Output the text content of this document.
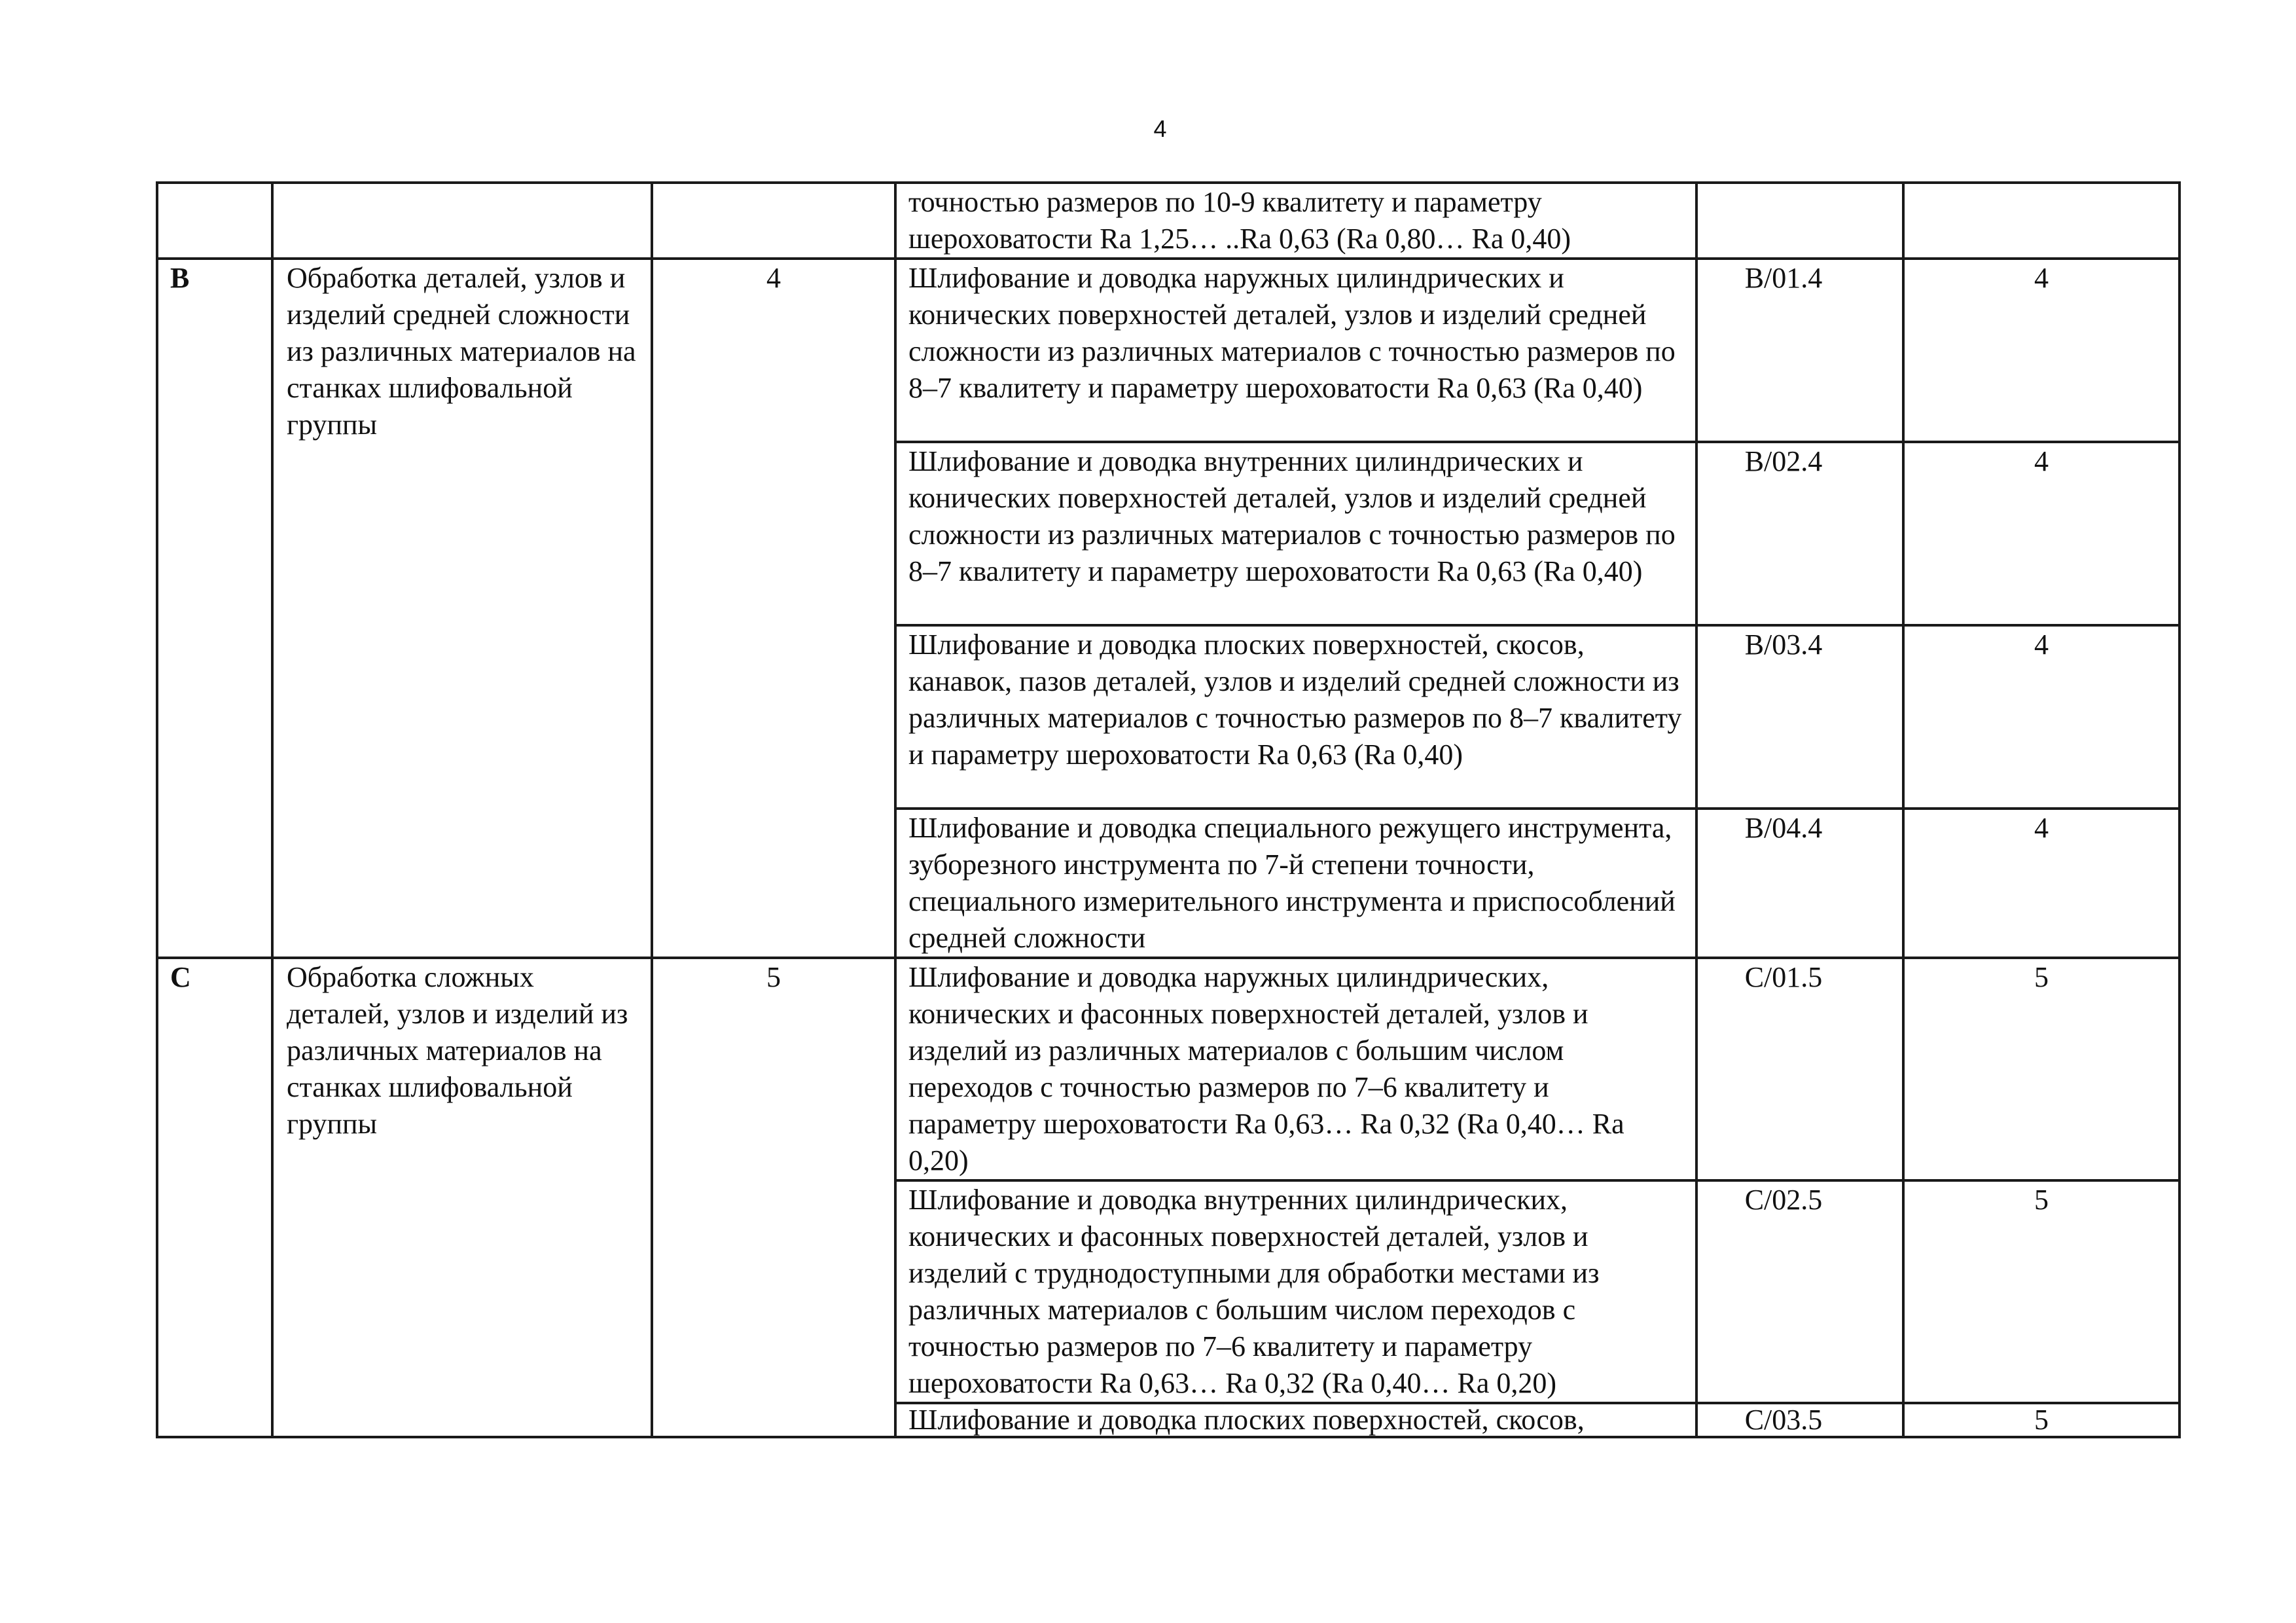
4
			точностью размеров по 10-9 квалитету и параметру шероховатости Ra 1,25… ..Ra 0,63 (Ra 0,80… Ra 0,40)		
B	Обработка деталей, узлов и изделий средней сложности из различных материалов на станках шлифовальной группы	4	Шлифование и доводка наружных цилиндрических и конических поверхностей деталей, узлов и изделий средней сложности из различных материалов с точностью размеров по 8–7 квалитету и параметру шероховатости Ra 0,63 (Ra 0,40)	B/01.4	4
			Шлифование и доводка внутренних цилиндрических и конических поверхностей деталей, узлов и изделий средней сложности из различных материалов с точностью размеров по 8–7 квалитету и параметру шероховатости Ra 0,63 (Ra 0,40)	B/02.4	4
			Шлифование и доводка плоских поверхностей, скосов, канавок, пазов деталей, узлов и изделий средней сложности из различных материалов с точностью размеров по 8–7 квалитету и параметру шероховатости Ra 0,63 (Ra 0,40)	B/03.4	4
			Шлифование и доводка специального режущего инструмента, зуборезного инструмента по 7-й степени точности, специального измерительного инструмента и приспособлений средней сложности	B/04.4	4
C	Обработка сложных деталей, узлов и изделий из различных материалов на станках шлифовальной группы	5	Шлифование и доводка наружных цилиндрических, конических и фасонных поверхностей деталей, узлов и изделий из различных материалов с большим числом переходов с точностью размеров по 7–6 квалитету и параметру шероховатости Ra 0,63… Ra 0,32 (Ra 0,40… Ra 0,20)	C/01.5	5
			Шлифование и доводка внутренних цилиндрических, конических и фасонных поверхностей деталей, узлов и изделий с труднодоступными для обработки местами из различных материалов с большим числом переходов с точностью размеров по 7–6 квалитету и параметру шероховатости Ra 0,63… Ra 0,32 (Ra 0,40… Ra 0,20)	C/02.5	5
			Шлифование и доводка плоских поверхностей, скосов,	C/03.5	5
